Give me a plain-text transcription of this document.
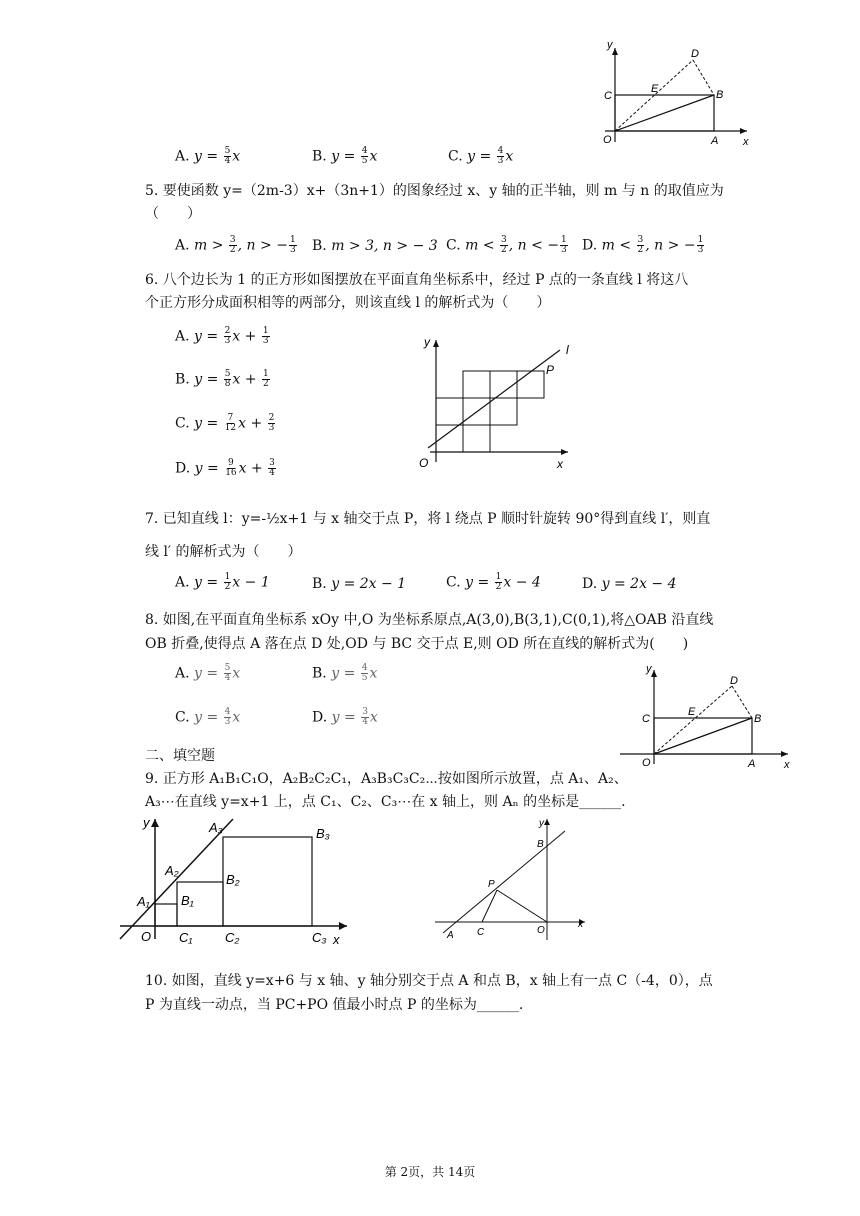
A. $y = \frac{5}{4}$ x	B. $y = \frac{4}{5}$ x	C. $y = \frac{4}{3}$ x
y
x
O	A
B
C
D
E
5. 要使函数 y=（2m-3）x+（3n+1）的图象经过 x、y 轴的正半轴，则 m 与 n 的取值应为
（　　）
A. $m > \frac{3}{2}$ , n > − $\frac{1}{3} B$. m > 3, n > − 3 C. $m < \frac{3}{2}$ , n < − $\frac{1}{3} D$. $m < \frac{3}{2}$ , n > − $\frac{1}{3}$
6. 八个边长为 1 的正方形如图摆放在平面直角坐标系中，经过 P 点的一条直线 l 将这八
个正方形分成面积相等的两部分，则该直线 l 的解析式为（　　）
A. $y = \frac{2}{3}$ $x + \frac{1}{3}$
B. $y = \frac{5}{8}$ $x + \frac{1}{2}$
C. $y = \frac{7}{12}$ $x + \frac{2}{3}$
D. $y = \frac{9}{16}$ $x + \frac{3}{4}$
y
x
O
P
l
7. 已知直线 l：y=-½x+1 与 x 轴交于点 P，将 l 绕点 P 顺时针旋转 90°得到直线 l′，则直
线 l′ 的解析式为（　　）
A. $y = \frac{1}{2}$ x − 1	B. y = 2x − 1	C. $y = \frac{1}{2}$ x − 4	D. y = 2x − 4
8. 如图,在平面直角坐标系 xOy 中,O 为坐标系原点,A(3,0),B(3,1),C(0,1),将△OAB 沿直线
OB 折叠,使得点 A 落在点 D 处,OD 与 BC 交于点 E,则 OD 所在直线的解析式为(　　)
A. $y = \frac{5}{4}$ x	B. $y = \frac{4}{5}$ x
C. $y = \frac{4}{3}$ x	D. $y = \frac{3}{4}$ x
y
x
O	A
B
C
D
E
二、填空题
9. 正方形 A₁B₁C₁O，A₂B₂C₂C₁，A₃B₃C₃C₂⋯按如图所示放置，点 A₁、A₂、
A₃⋯在直线 y=x+1 上，点 C₁、C₂、C₃⋯在 x 轴上，则 Aₙ 的坐标是______.
y
x
O
A₁
A₂
A₃
B₁
B₂
B₃
C₁	C₂	C₃
y
x
O
A
B
C
P
10. 如图，直线 y=x+6 与 x 轴、y 轴分别交于点 A 和点 B，x 轴上有一点 C（-4，0），点
P 为直线一动点，当 PC+PO 值最小时点 P 的坐标为______.
第 2页，共 14页
